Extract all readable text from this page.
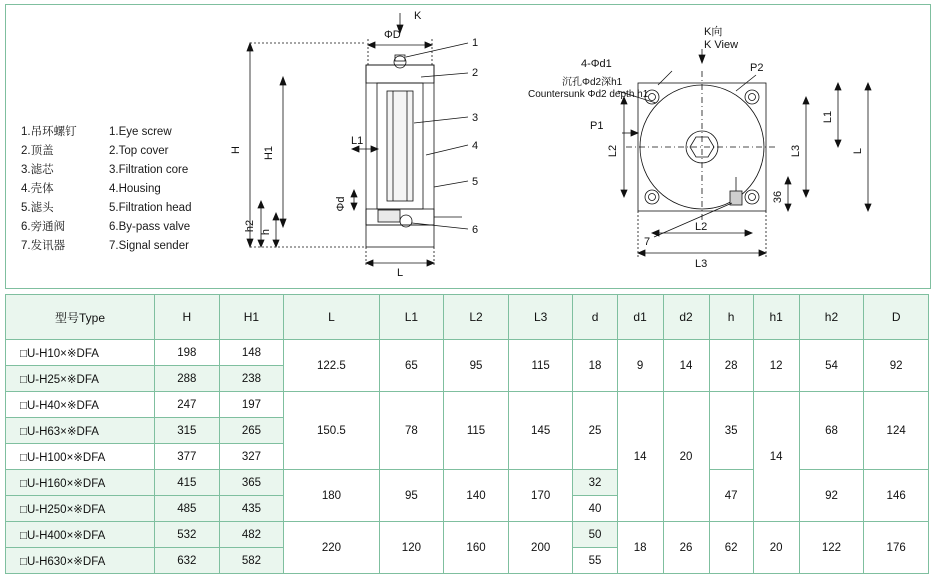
1.吊环螺钉	1.Eye screw
2.顶盖	2.Top cover
3.滤芯	3.Filtration core
4.壳体	4.Housing
5.滤头	5.Filtration head
6.旁通阀	6.By-pass valve
7.发讯器	7.Signal sender
K
ΦD
H H1
L1
Φd
h2 h
L
1
2
3
4
5
6
K向
K View
4-Φd1
沉孔Φd2深h1
Countersunk Φd2 depth h1
P1
P2
7
L2	L3
L1
L
36
L2
L3
型号Type	H	H1	L	L1	L2	L3	d	d1	d2	h	h1	h2	D
□U-H10×※DFA	198	148	122.5	65	95	115	18	9	14	28	12	54	92
□U-H25×※DFA	288	238											
□U-H40×※DFA	247	197	150.5	78	115	145	25	14	20	35	14	68	124
□U-H63×※DFA	315	265											
□U-H100×※DFA	377	327											
□U-H160×※DFA	415	365	180	95	140	170	32			47		92	146
□U-H250×※DFA	485	435					40						
□U-H400×※DFA	532	482	220	120	160	200	50	18	26	62	20	122	176
□U-H630×※DFA	632	582					55						
